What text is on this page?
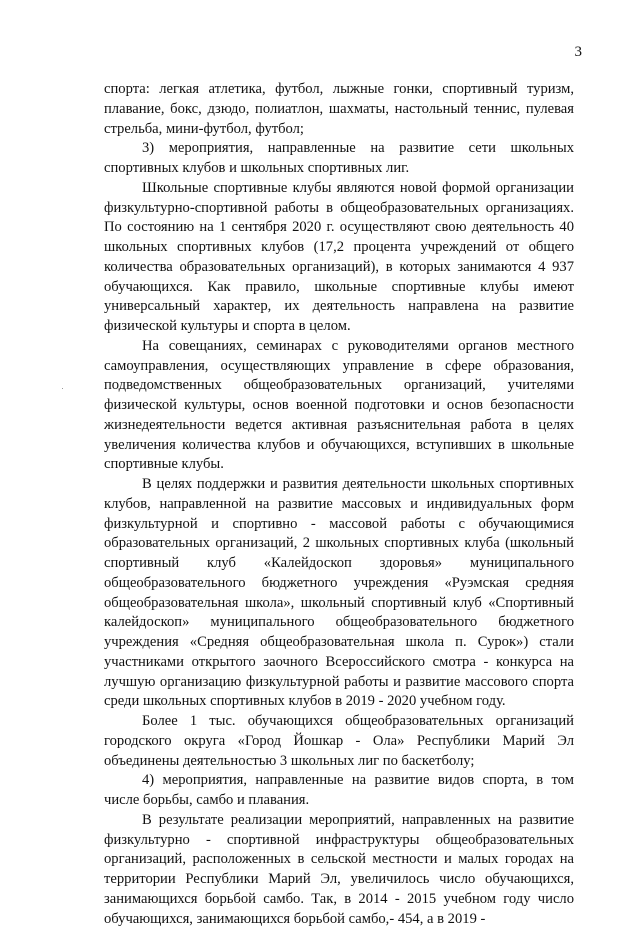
3

спорта: легкая атлетика, футбол, лыжные гонки, спортивный туризм, плавание, бокс, дзюдо, полиатлон, шахматы, настольный теннис, пулевая стрельба, мини-футбол, футбол;

3) мероприятия, направленные на развитие сети школьных спортивных клубов и школьных спортивных лиг.

Школьные спортивные клубы являются новой формой организации физкультурно-спортивной работы в общеобразовательных организациях. По состоянию на 1 сентября 2020 г. осуществляют свою деятельность 40 школьных спортивных клубов (17,2 процента учреждений от общего количества образовательных организаций), в которых занимаются 4 937 обучающихся. Как правило, школьные спортивные клубы имеют универсальный характер, их деятельность направлена на развитие физической культуры и спорта в целом.

На совещаниях, семинарах с руководителями органов местного самоуправления, осуществляющих управление в сфере образования, подведомственных общеобразовательных организаций, учителями физической культуры, основ военной подготовки и основ безопасности жизнедеятельности ведется активная разъяснительная работа в целях увеличения количества клубов и обучающихся, вступивших в школьные спортивные клубы.

В целях поддержки и развития деятельности школьных спортивных клубов, направленной на развитие массовых и индивидуальных форм физкультурной и спортивно - массовой работы с обучающимися образовательных организаций, 2 школьных спортивных клуба (школьный спортивный клуб «Калейдоскоп здоровья» муниципального общеобразовательного бюджетного учреждения «Руэмская средняя общеобразовательная школа», школьный спортивный клуб «Спортивный калейдоскоп» муниципального общеобразовательного бюджетного учреждения «Средняя общеобразовательная школа п. Сурок») стали участниками открытого заочного Всероссийского смотра - конкурса на лучшую организацию физкультурной работы и развитие массового спорта среди школьных спортивных клубов в 2019 - 2020 учебном году.

Более 1 тыс. обучающихся общеобразовательных организаций городского округа «Город Йошкар - Ола» Республики Марий Эл объединены деятельностью 3 школьных лиг по баскетболу;

4) мероприятия, направленные на развитие видов спорта, в том числе борьбы, самбо и плавания.

В результате реализации мероприятий, направленных на развитие физкультурно - спортивной инфраструктуры общеобразовательных организаций, расположенных в сельской местности и малых городах на территории Республики Марий Эл, увеличилось число обучающихся, занимающихся борьбой самбо. Так, в 2014 - 2015 учебном году число обучающихся, занимающихся борьбой самбо,- 454, а в 2019 -
